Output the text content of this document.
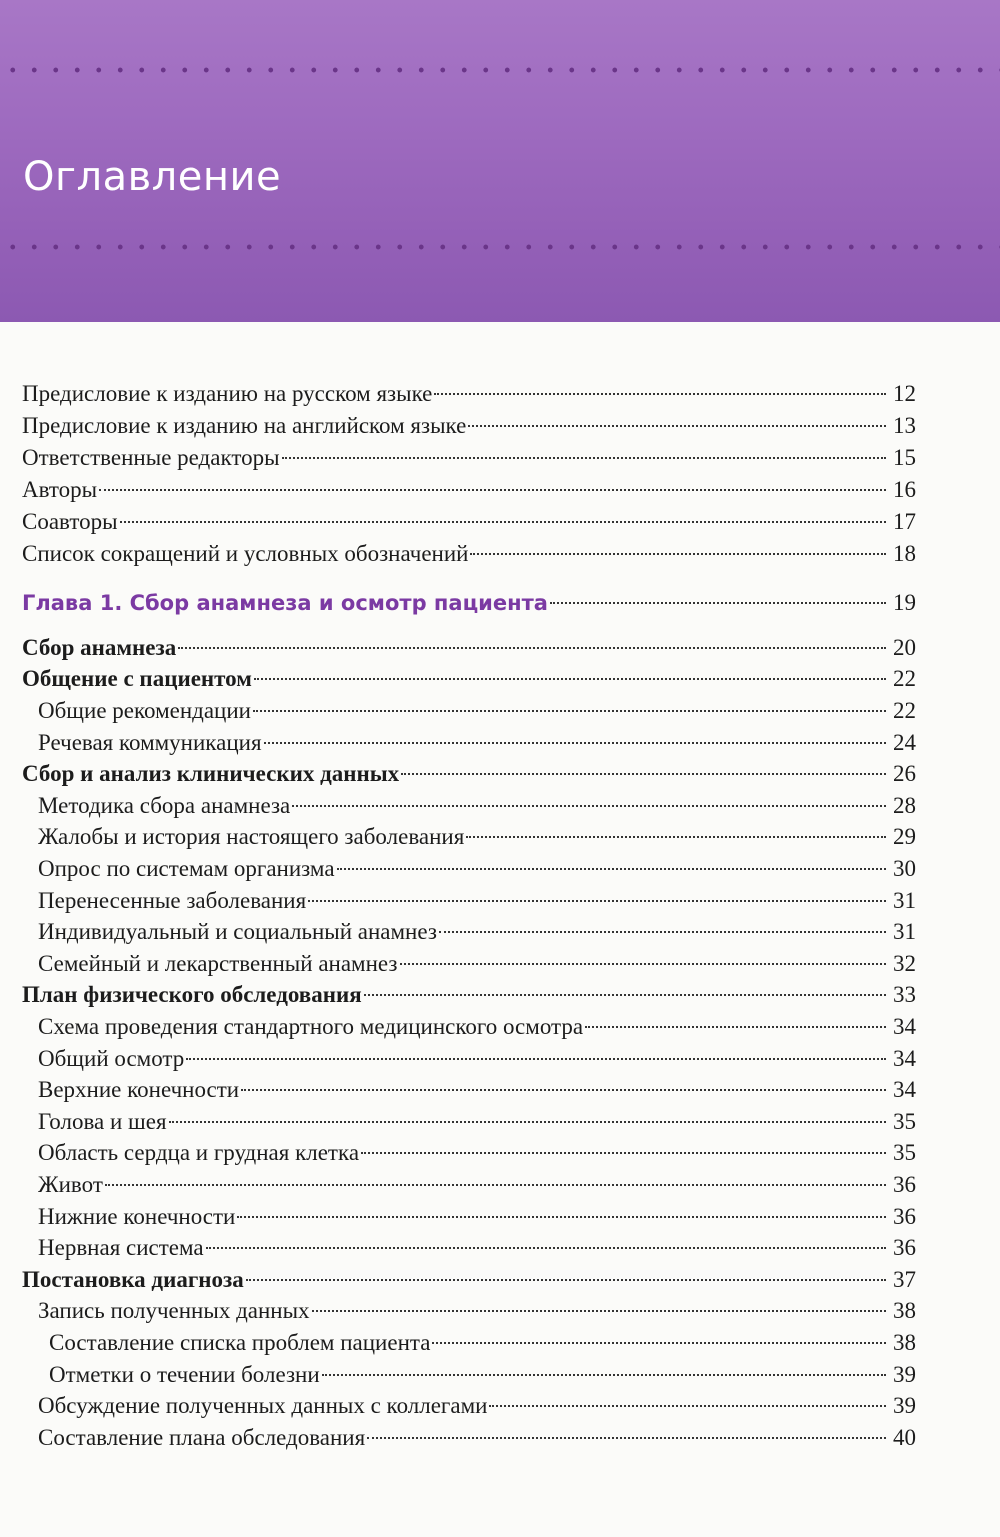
Оглавление
Предисловие к изданию на русском языке	12
Предисловие к изданию на английском языке	13
Ответственные редакторы	15
Авторы	16
Соавторы	17
Список сокращений и условных обозначений	18
Глава 1. Сбор анамнеза и осмотр пациента	19
Сбор анамнеза	20
Общение с пациентом	22
Общие рекомендации	22
Речевая коммуникация	24
Сбор и анализ клинических данных	26
Методика сбора анамнеза	28
Жалобы и история настоящего заболевания	29
Опрос по системам организма	30
Перенесенные заболевания	31
Индивидуальный и социальный анамнез	31
Семейный и лекарственный анамнез	32
План физического обследования	33
Схема проведения стандартного медицинского осмотра	34
Общий осмотр	34
Верхние конечности	34
Голова и шея	35
Область сердца и грудная клетка	35
Живот	36
Нижние конечности	36
Нервная система	36
Постановка диагноза	37
Запись полученных данных	38
Составление списка проблем пациента	38
Отметки о течении болезни	39
Обсуждение полученных данных с коллегами	39
Составление плана обследования	40
